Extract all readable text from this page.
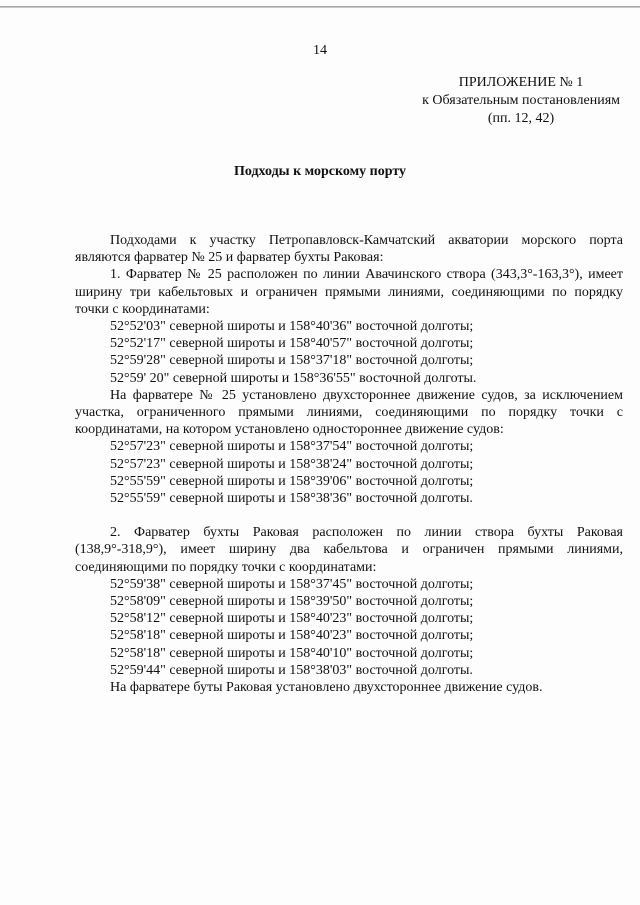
14
ПРИЛОЖЕНИЕ № 1
к Обязательным постановлениям
(пп. 12, 42)
Подходы к морскому порту

Подходами к участку Петропавловск-Камчатский акватории морского порта являются фарватер № 25 и фарватер бухты Раковая:

1. Фарватер № 25 расположен по линии Авачинского створа (343,3°-163,3°), имеет ширину три кабельтовых и ограничен прямыми линиями, соединяющими по порядку точки с координатами:

52°52'03" северной широты и 158°40'36" восточной долготы;

52°52'17" северной широты и 158°40'57" восточной долготы;

52°59'28" северной широты и 158°37'18" восточной долготы;

52°59' 20" северной широты и 158°36'55" восточной долготы.

На фарватере № 25 установлено двухстороннее движение судов, за исключением участка, ограниченного прямыми линиями, соединяющими по порядку точки с координатами, на котором установлено одностороннее движение судов:

52°57'23" северной широты и 158°37'54" восточной долготы;

52°57'23" северной широты и 158°38'24" восточной долготы;

52°55'59" северной широты и 158°39'06" восточной долготы;

52°55'59" северной широты и 158°38'36" восточной долготы.

2. Фарватер бухты Раковая расположен по линии створа бухты Раковая (138,9°-318,9°), имеет ширину два кабельтова и ограничен прямыми линиями, соединяющими по порядку точки с координатами:

52°59'38" северной широты и 158°37'45" восточной долготы;

52°58'09" северной широты и 158°39'50" восточной долготы;

52°58'12" северной широты и 158°40'23" восточной долготы;

52°58'18" северной широты и 158°40'23" восточной долготы;

52°58'18" северной широты и 158°40'10" восточной долготы;

52°59'44" северной широты и 158°38'03" восточной долготы.

На фарватере буты Раковая установлено двухстороннее движение судов.
